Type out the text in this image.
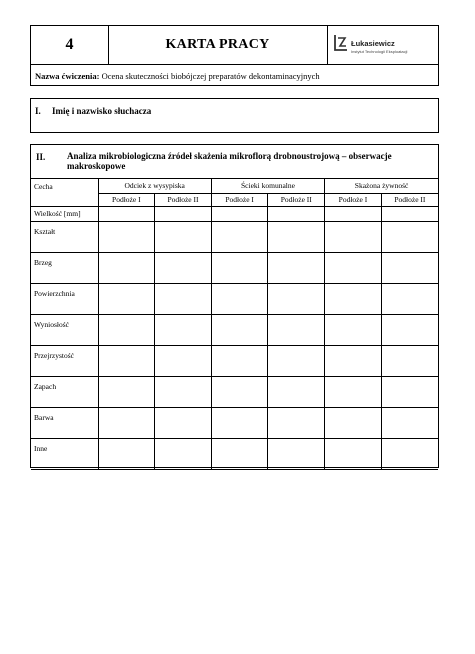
4	KARTA PRACY	Łukasiewicz
Instytut Technologii Eksploatacji
Nazwa ćwiczenia: Ocena skuteczności biobójczej preparatów dekontaminacyjnych
I. Imię i nazwisko słuchacza
II. Analiza mikrobiologiczna źródeł skażenia mikroflorą drobnoustrojową – obserwacje makroskopowe
Cecha	Odciek z wysypiska		Ścieki komunalne		Skażona żywność	
	Podłoże I	Podłoże II	Podłoże I	Podłoże II	Podłoże I	Podłoże II
Wielkość [mm]						
Kształt						
Brzeg						
Powierzchnia						
Wyniosłość						
Przejrzystość						
Zapach						
Barwa						
Inne						
